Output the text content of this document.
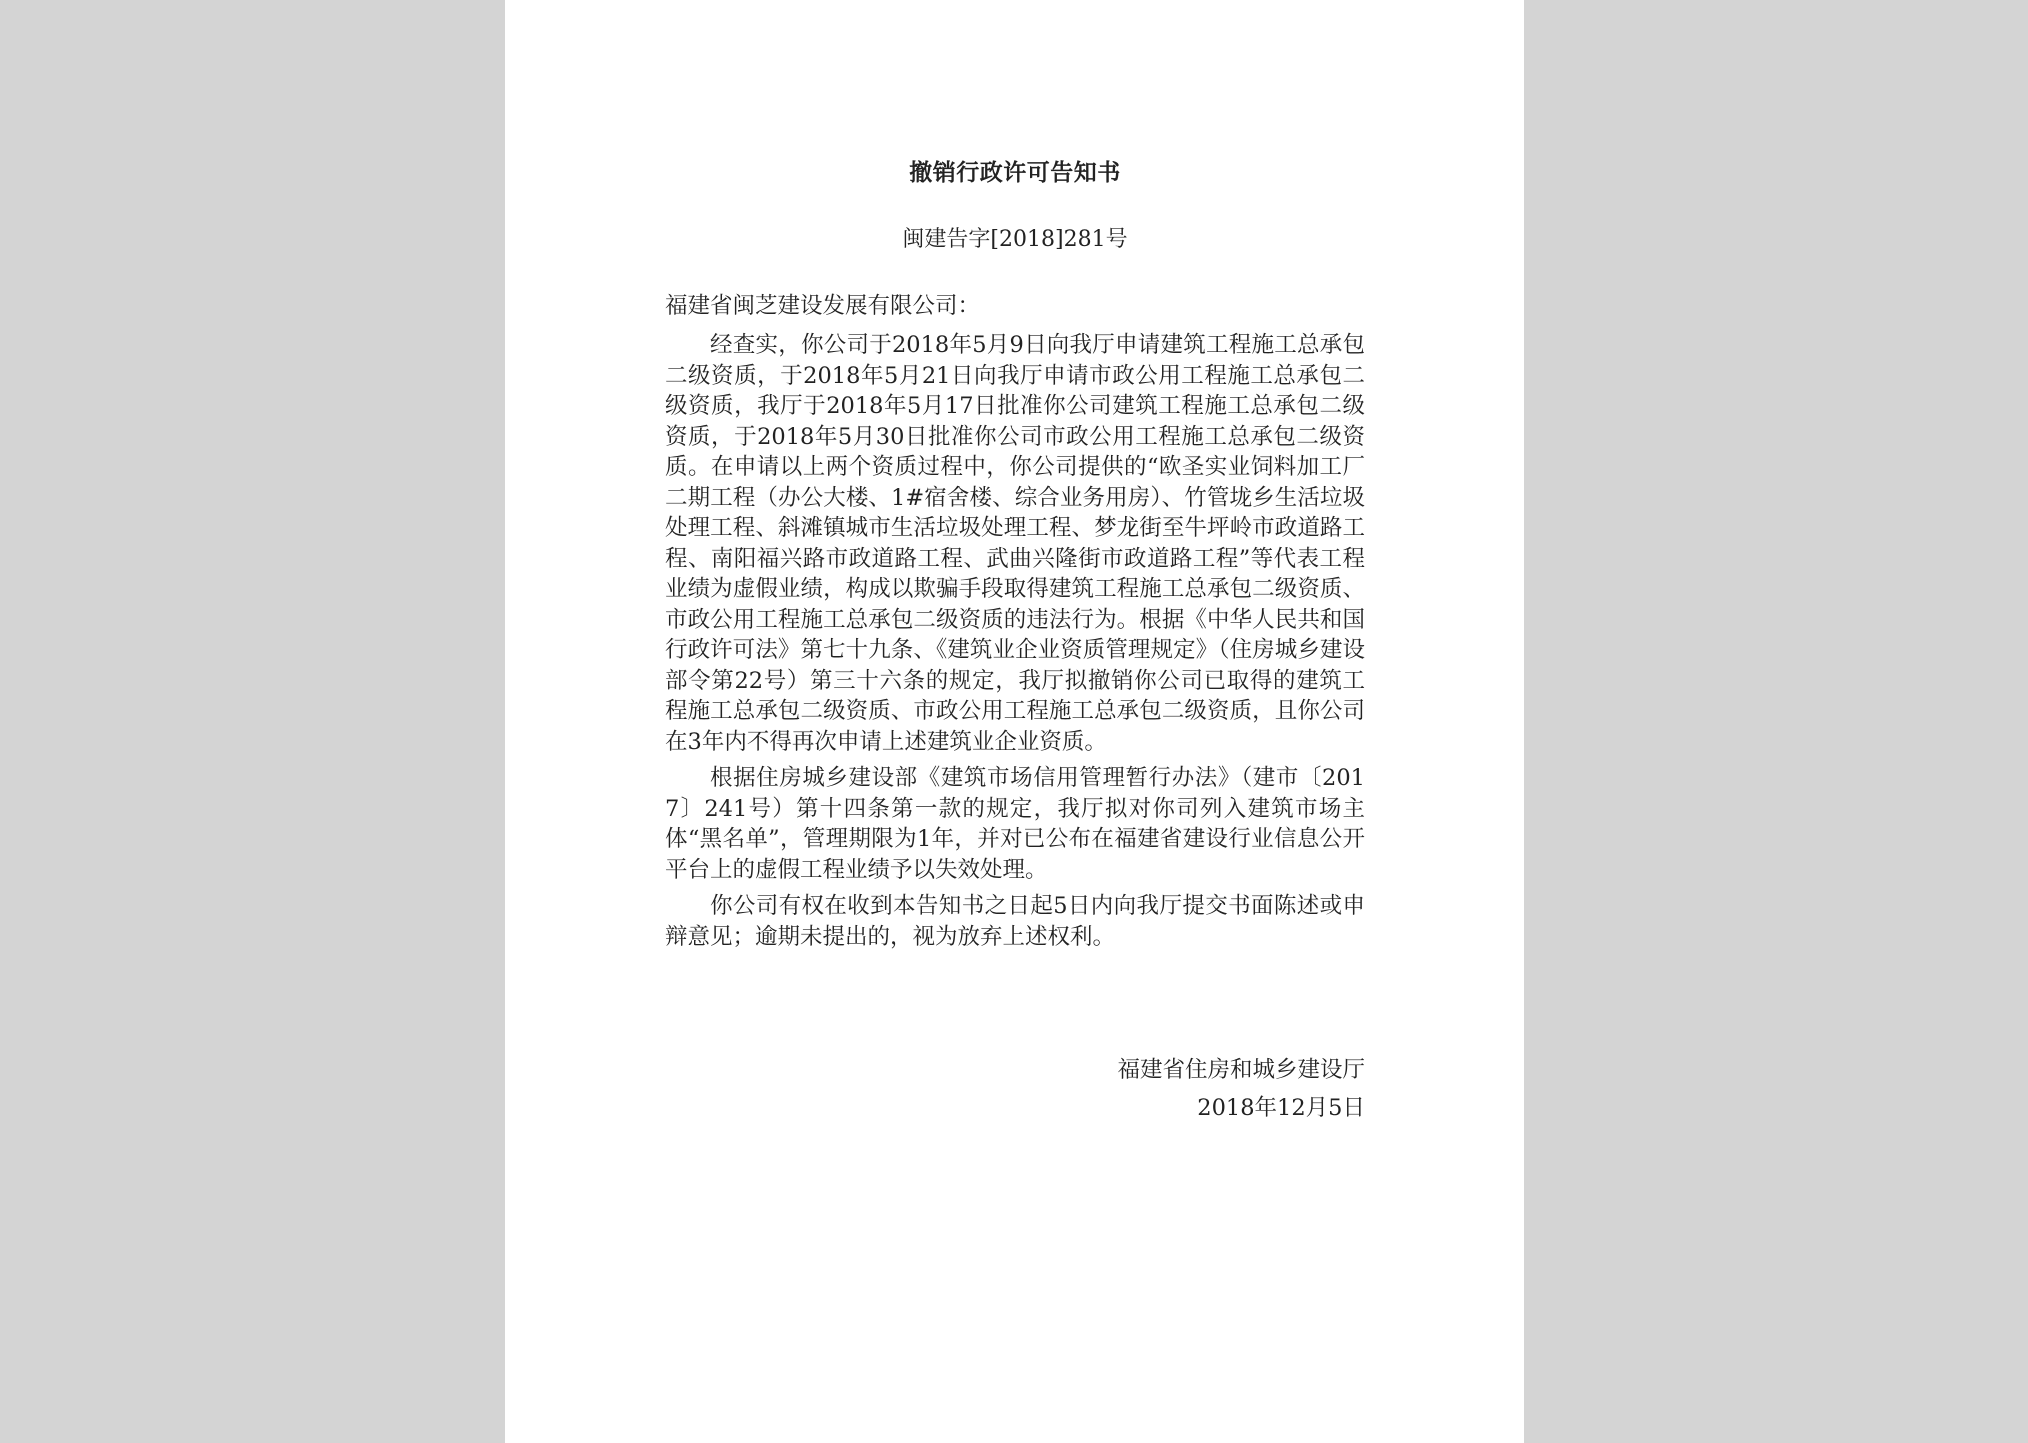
撤销行政许可告知书
闽建告字[2018]281号
福建省闽芝建设发展有限公司：

经查实，你公司于2018年5月9日向我厅申请建筑工程施工总承包二级资质，于2018年5月21日向我厅申请市政公用工程施工总承包二级资质，我厅于2018年5月17日批准你公司建筑工程施工总承包二级资质，于2018年5月30日批准你公司市政公用工程施工总承包二级资质。在申请以上两个资质过程中，你公司提供的“欧圣实业饲料加工厂二期工程（办公大楼、1#宿舍楼、综合业务用房）、竹管垅乡生活垃圾处理工程、斜滩镇城市生活垃圾处理工程、梦龙街至牛坪岭市政道路工程、南阳福兴路市政道路工程、武曲兴隆街市政道路工程”等代表工程业绩为虚假业绩，构成以欺骗手段取得建筑工程施工总承包二级资质、市政公用工程施工总承包二级资质的违法行为。根据《中华人民共和国行政许可法》第七十九条、《建筑业企业资质管理规定》（住房城乡建设部令第22号）第三十六条的规定，我厅拟撤销你公司已取得的建筑工程施工总承包二级资质、市政公用工程施工总承包二级资质，且你公司在3年内不得再次申请上述建筑业企业资质。

根据住房城乡建设部《建筑市场信用管理暂行办法》（建市〔2017〕241号）第十四条第一款的规定，我厅拟对你司列入建筑市场主体“黑名单”，管理期限为1年，并对已公布在福建省建设行业信息公开平台上的虚假工程业绩予以失效处理。

你公司有权在收到本告知书之日起5日内向我厅提交书面陈述或申辩意见；逾期未提出的，视为放弃上述权利。

福建省住房和城乡建设厅
2018年12月5日
